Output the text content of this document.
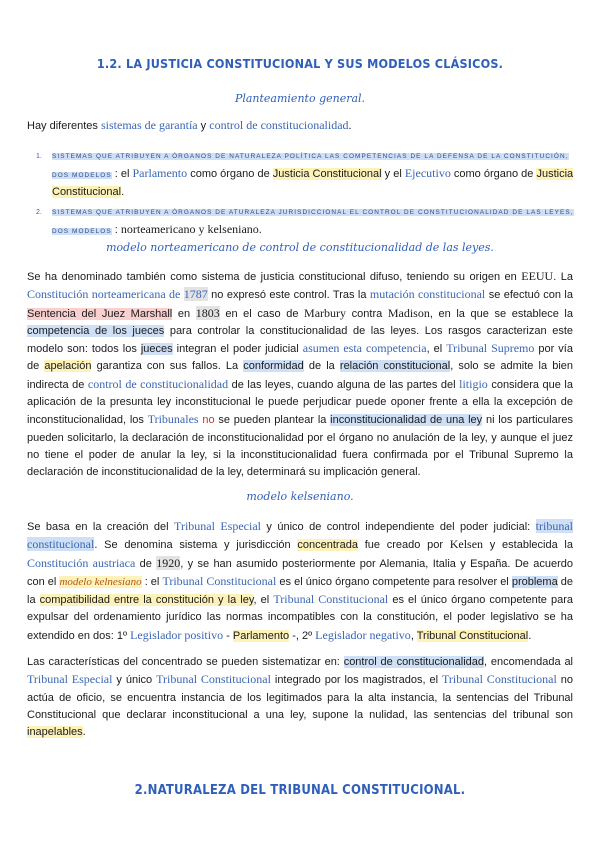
1.2. LA JUSTICIA CONSTITUCIONAL Y SUS MODELOS CLÁSICOS.
Planteamiento general.
Hay diferentes sistemas de garantía y control de constitucionalidad.
1. SISTEMAS QUE ATRIBUYEN A ÓRGANOS DE NATURALEZA POLÍTICA LAS COMPETENCIAS DE LA DEFENSA DE LA CONSTITUCIÓN, DOS MODELOS : el Parlamento como órgano de Justicia Constitucional y el Ejecutivo como órgano de Justicia Constitucional.
2. SISTEMAS QUE ATRIBUYEN A ÓRGANOS DE ATURALEZA JURISDICCIONAL EL CONTROL DE CONSTITUCIONALIDAD DE LAS LEYES, DOS MODELOS : norteamericano y kelseniano.
modelo norteamericano de control de constitucionalidad de las leyes.
Se ha denominado también como sistema de justicia constitucional difuso, teniendo su origen en EEUU. La Constitución norteamericana de 1787 no expresó este control. Tras la mutación constitucional se efectuó con la Sentencia del Juez Marshall en 1803 en el caso de Marbury contra Madison, en la que se establece la competencia de los jueces para controlar la constitucionalidad de las leyes. Los rasgos caracterizan este modelo son: todos los jueces integran el poder judicial asumen esta competencia, el Tribunal Supremo por vía de apelación garantiza con sus fallos. La conformidad de la relación constitucional, solo se admite la bien indirecta de control de constitucionalidad de las leyes, cuando alguna de las partes del litigio considera que la aplicación de la presunta ley inconstitucional le puede perjudicar puede oponer frente a ella la excepción de inconstitucionalidad, los Tribunales no se pueden plantear la inconstitucionalidad de una ley ni los particulares pueden solicitarlo, la declaración de inconstitucionalidad por el órgano no anulación de la ley, y aunque el juez no tiene el poder de anular la ley, si la inconstitucionalidad fuera confirmada por el Tribunal Supremo la declaración de inconstitucionalidad de la ley, determinará su implicación general.
modelo kelseniano.
Se basa en la creación del Tribunal Especial y único de control independiente del poder judicial: tribunal constitucional. Se denomina sistema y jurisdicción concentrada fue creado por Kelsen y establecida la Constitución austriaca de 1920, y se han asumido posteriormente por Alemania, Italia y España. De acuerdo con el modelo kelnesiano : el Tribunal Constitucional es el único órgano competente para resolver el problema de la compatibilidad entre la constitución y la ley, el Tribunal Constitucional es el único órgano competente para expulsar del ordenamiento jurídico las normas incompatibles con la constitución, el poder legislativo se ha extendido en dos: 1º Legislador positivo - Parlamento -, 2º Legislador negativo, Tribunal Constitucional.
Las características del concentrado se pueden sistematizar en: control de constitucionalidad, encomendada al Tribunal Especial y único Tribunal Constitucional integrado por los magistrados, el Tribunal Constitucional no actúa de oficio, se encuentra instancia de los legitimados para la alta instancia, la sentencias del Tribunal Constitucional que declarar inconstitucional a una ley, supone la nulidad, las sentencias del tribunal son inapelables.
2.NATURALEZA DEL TRIBUNAL CONSTITUCIONAL.
